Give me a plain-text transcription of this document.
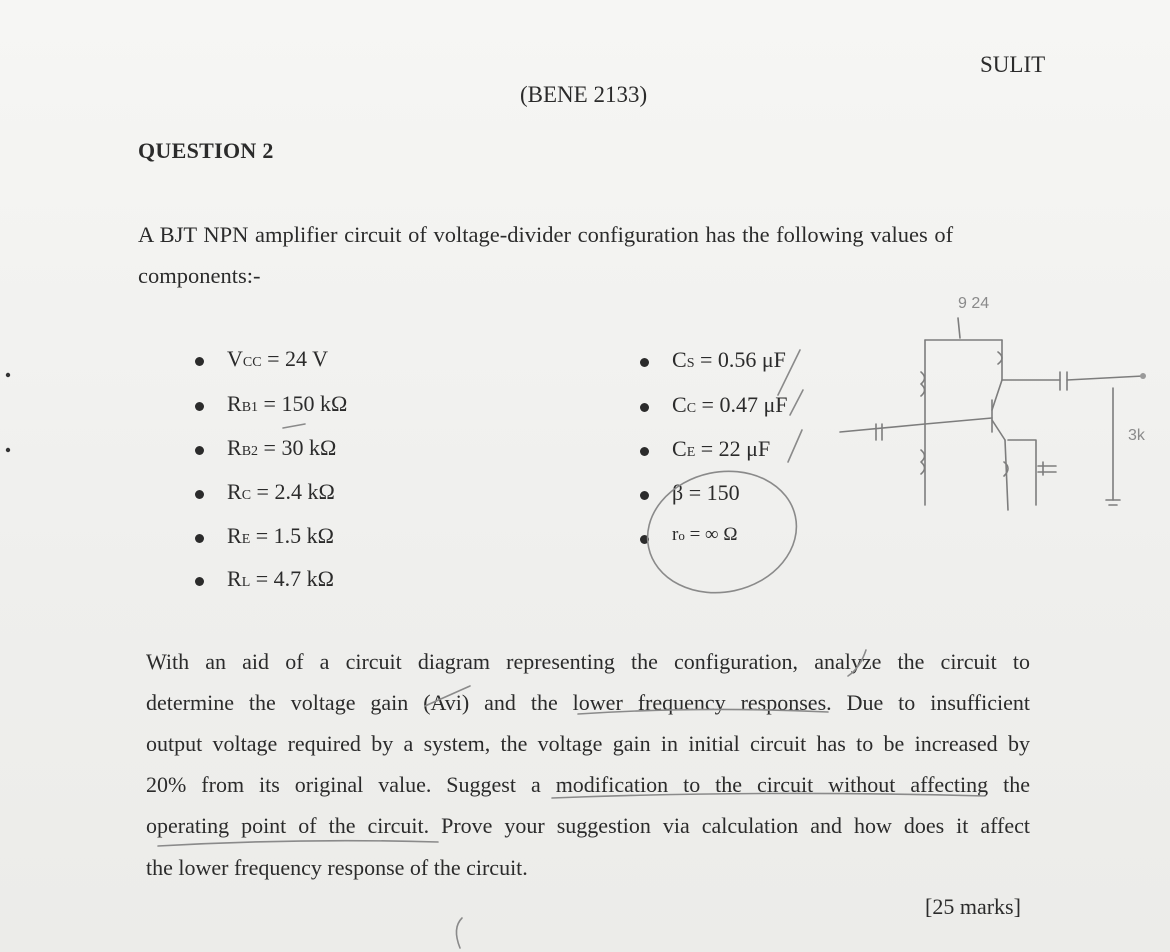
SULIT
(BENE 2133)
QUESTION 2
A BJT NPN amplifier circuit of voltage-divider configuration has the following values of
components:-
VCC = 24 V
RB1 = 150 kΩ
RB2 = 30 kΩ
RC = 2.4 kΩ
RE = 1.5 kΩ
RL = 4.7 kΩ
CS = 0.56 μF
CC = 0.47 μF
CE = 22 μF
β = 150
ro = ∞ Ω
With an aid of a circuit diagram representing the configuration, analyze the circuit to
determine the voltage gain (Avi) and the lower frequency responses. Due to insufficient
output voltage required by a system, the voltage gain in initial circuit has to be increased by
20% from its original value. Suggest a modification to the circuit without affecting the
operating point of the circuit. Prove your suggestion via calculation and how does it affect
the lower frequency response of the circuit.
[25 marks]
9 24
3k
